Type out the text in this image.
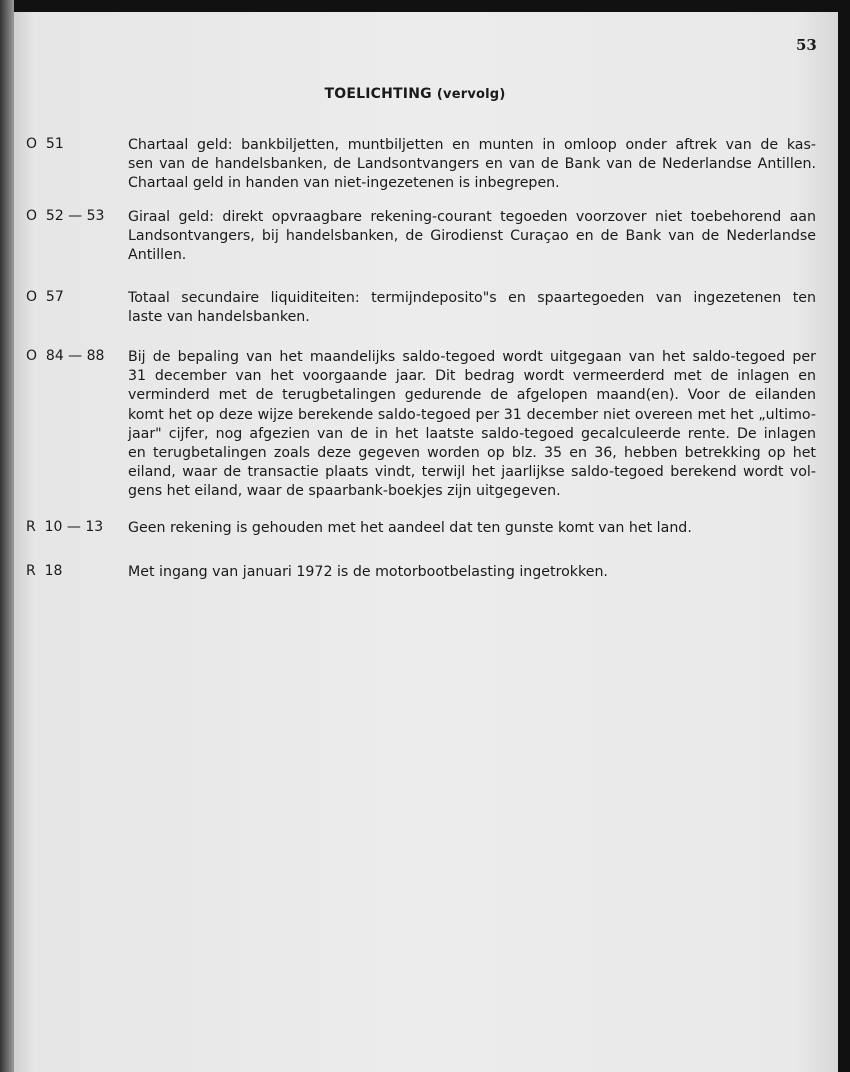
53
TOELICHTING (vervolg)
O  51	Chartaal geld: bankbiljetten, muntbiljetten en munten in omloop onder aftrek van de kas-
sen van de handelsbanken, de Landsontvangers en van de Bank van de Nederlandse Antillen.
Chartaal geld in handen van niet-ingezetenen is inbegrepen.
O  52 — 53 Giraal geld: direkt opvraagbare rekening-courant tegoeden voorzover niet toebehorend aan
Landsontvangers, bij handelsbanken, de Girodienst Curaçao en de Bank van de Nederlandse
Antillen.
O  57	Totaal secundaire liquiditeiten: termijndeposito"s en spaartegoeden van ingezetenen ten
laste van handelsbanken.
O  84 — 88 Bij de bepaling van het maandelijks saldo-tegoed wordt uitgegaan van het saldo-tegoed per
31 december van het voorgaande jaar. Dit bedrag wordt vermeerderd met de inlagen en
verminderd met de terugbetalingen gedurende de afgelopen maand(en). Voor de eilanden
komt het op deze wijze berekende saldo-tegoed per 31 december niet overeen met het „ultimo-
jaar" cijfer, nog afgezien van de in het laatste saldo-tegoed gecalculeerde rente. De inlagen
en terugbetalingen zoals deze gegeven worden op blz. 35 en 36, hebben betrekking op het
eiland, waar de transactie plaats vindt, terwijl het jaarlijkse saldo-tegoed berekend wordt vol-
gens het eiland, waar de spaarbank-boekjes zijn uitgegeven.
R  10 — 13 Geen rekening is gehouden met het aandeel dat ten gunste komt van het land.
R  18	Met ingang van januari 1972 is de motorbootbelasting ingetrokken.
